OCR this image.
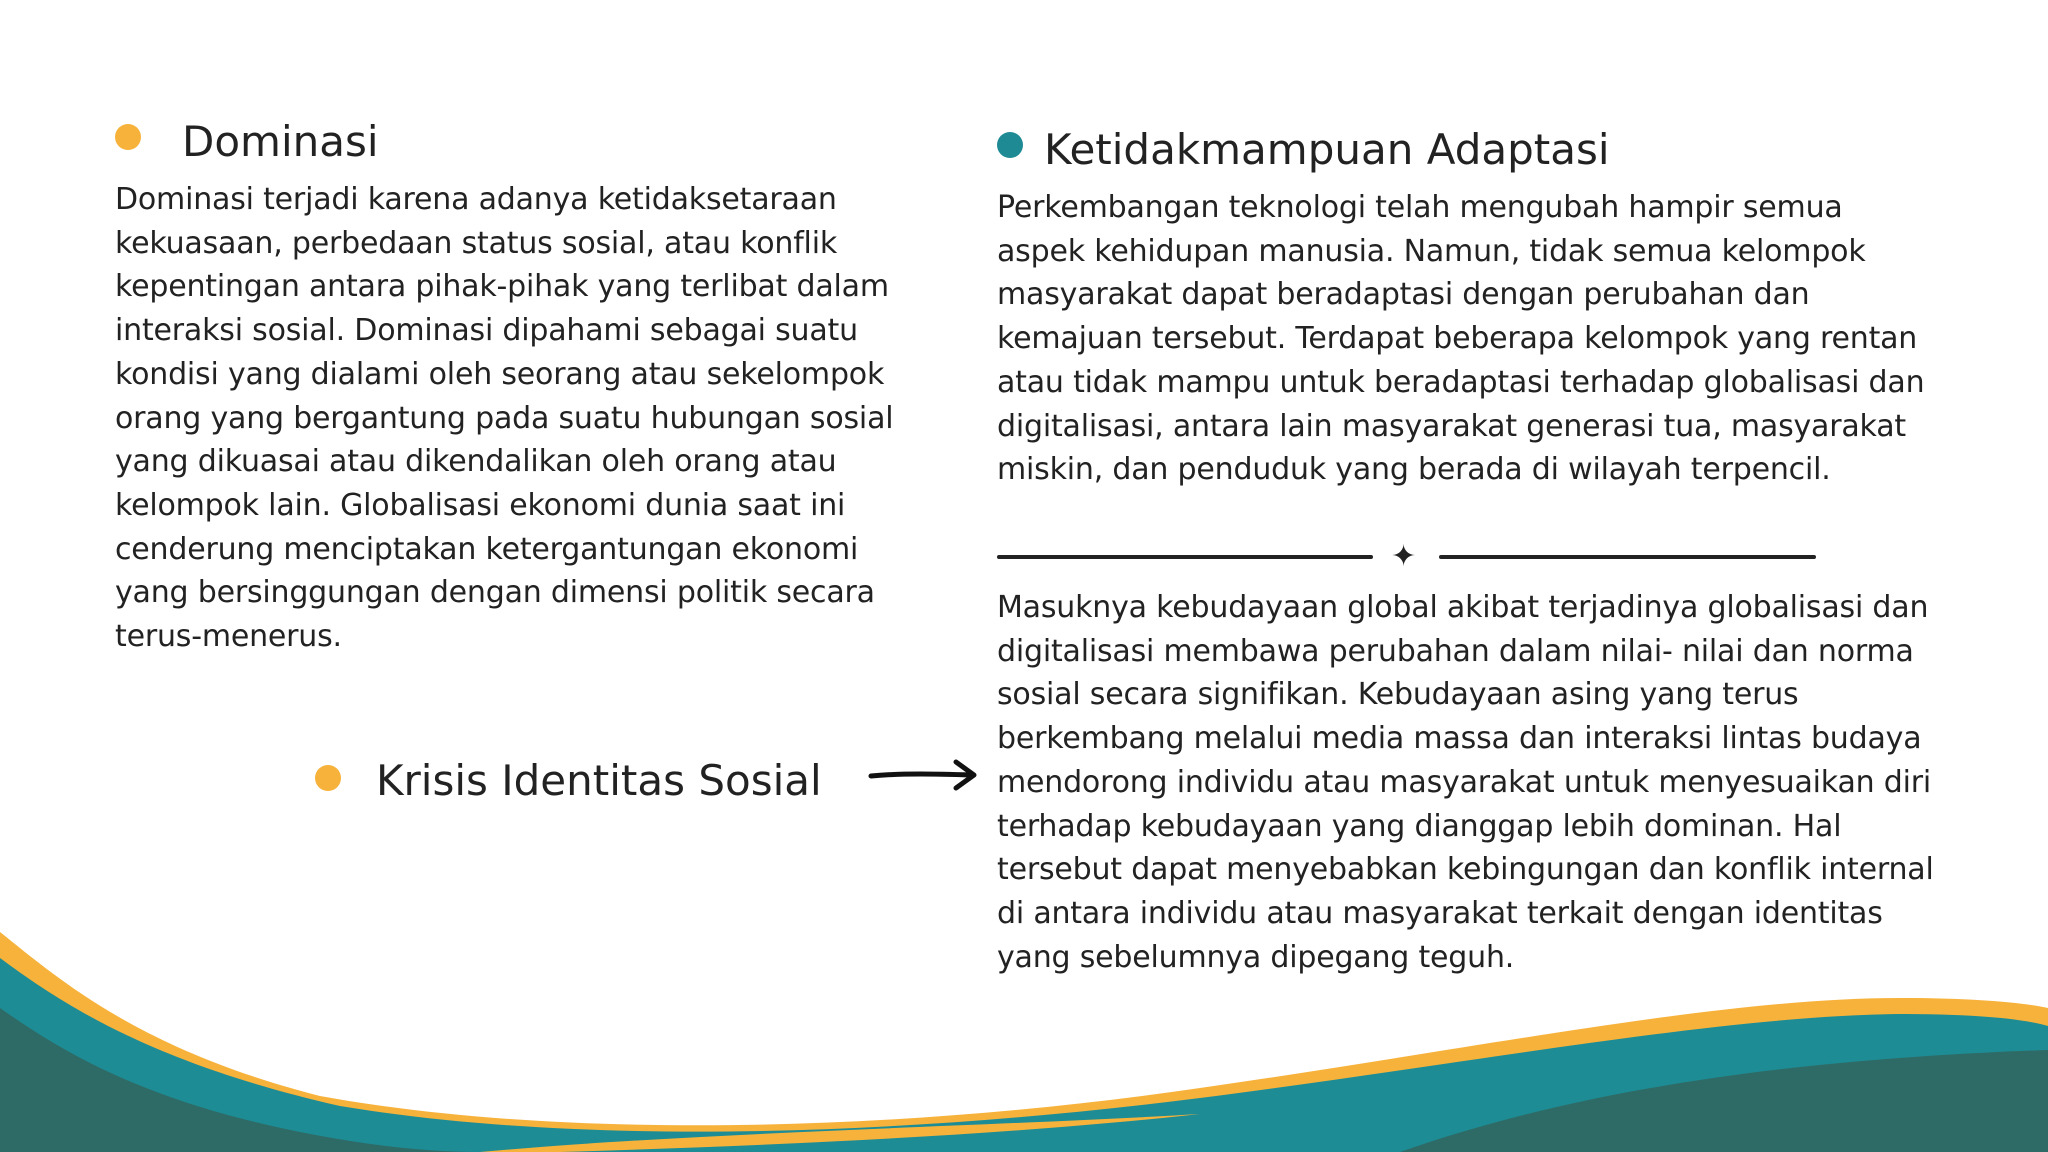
Dominasi
Dominasi terjadi karena adanya ketidaksetaraan
kekuasaan, perbedaan status sosial, atau konflik
kepentingan antara pihak-pihak yang terlibat dalam
interaksi sosial. Dominasi dipahami sebagai suatu
kondisi yang dialami oleh seorang atau sekelompok
orang yang bergantung pada suatu hubungan sosial
yang dikuasai atau dikendalikan oleh orang atau
kelompok lain. Globalisasi ekonomi dunia saat ini
cenderung menciptakan ketergantungan ekonomi
yang bersinggungan dengan dimensi politik secara
terus-menerus.
Ketidakmampuan Adaptasi
Perkembangan teknologi telah mengubah hampir semua
aspek kehidupan manusia. Namun, tidak semua kelompok
masyarakat dapat beradaptasi dengan perubahan dan
kemajuan tersebut. Terdapat beberapa kelompok yang rentan
atau tidak mampu untuk beradaptasi terhadap globalisasi dan
digitalisasi, antara lain masyarakat generasi tua, masyarakat
miskin, dan penduduk yang berada di wilayah terpencil.
✦
Krisis Identitas Sosial
Masuknya kebudayaan global akibat terjadinya globalisasi dan
digitalisasi membawa perubahan dalam nilai- nilai dan norma
sosial secara signifikan. Kebudayaan asing yang terus
berkembang melalui media massa dan interaksi lintas budaya
mendorong individu atau masyarakat untuk menyesuaikan diri
terhadap kebudayaan yang dianggap lebih dominan. Hal
tersebut dapat menyebabkan kebingungan dan konflik internal
di antara individu atau masyarakat terkait dengan identitas
yang sebelumnya dipegang teguh.
